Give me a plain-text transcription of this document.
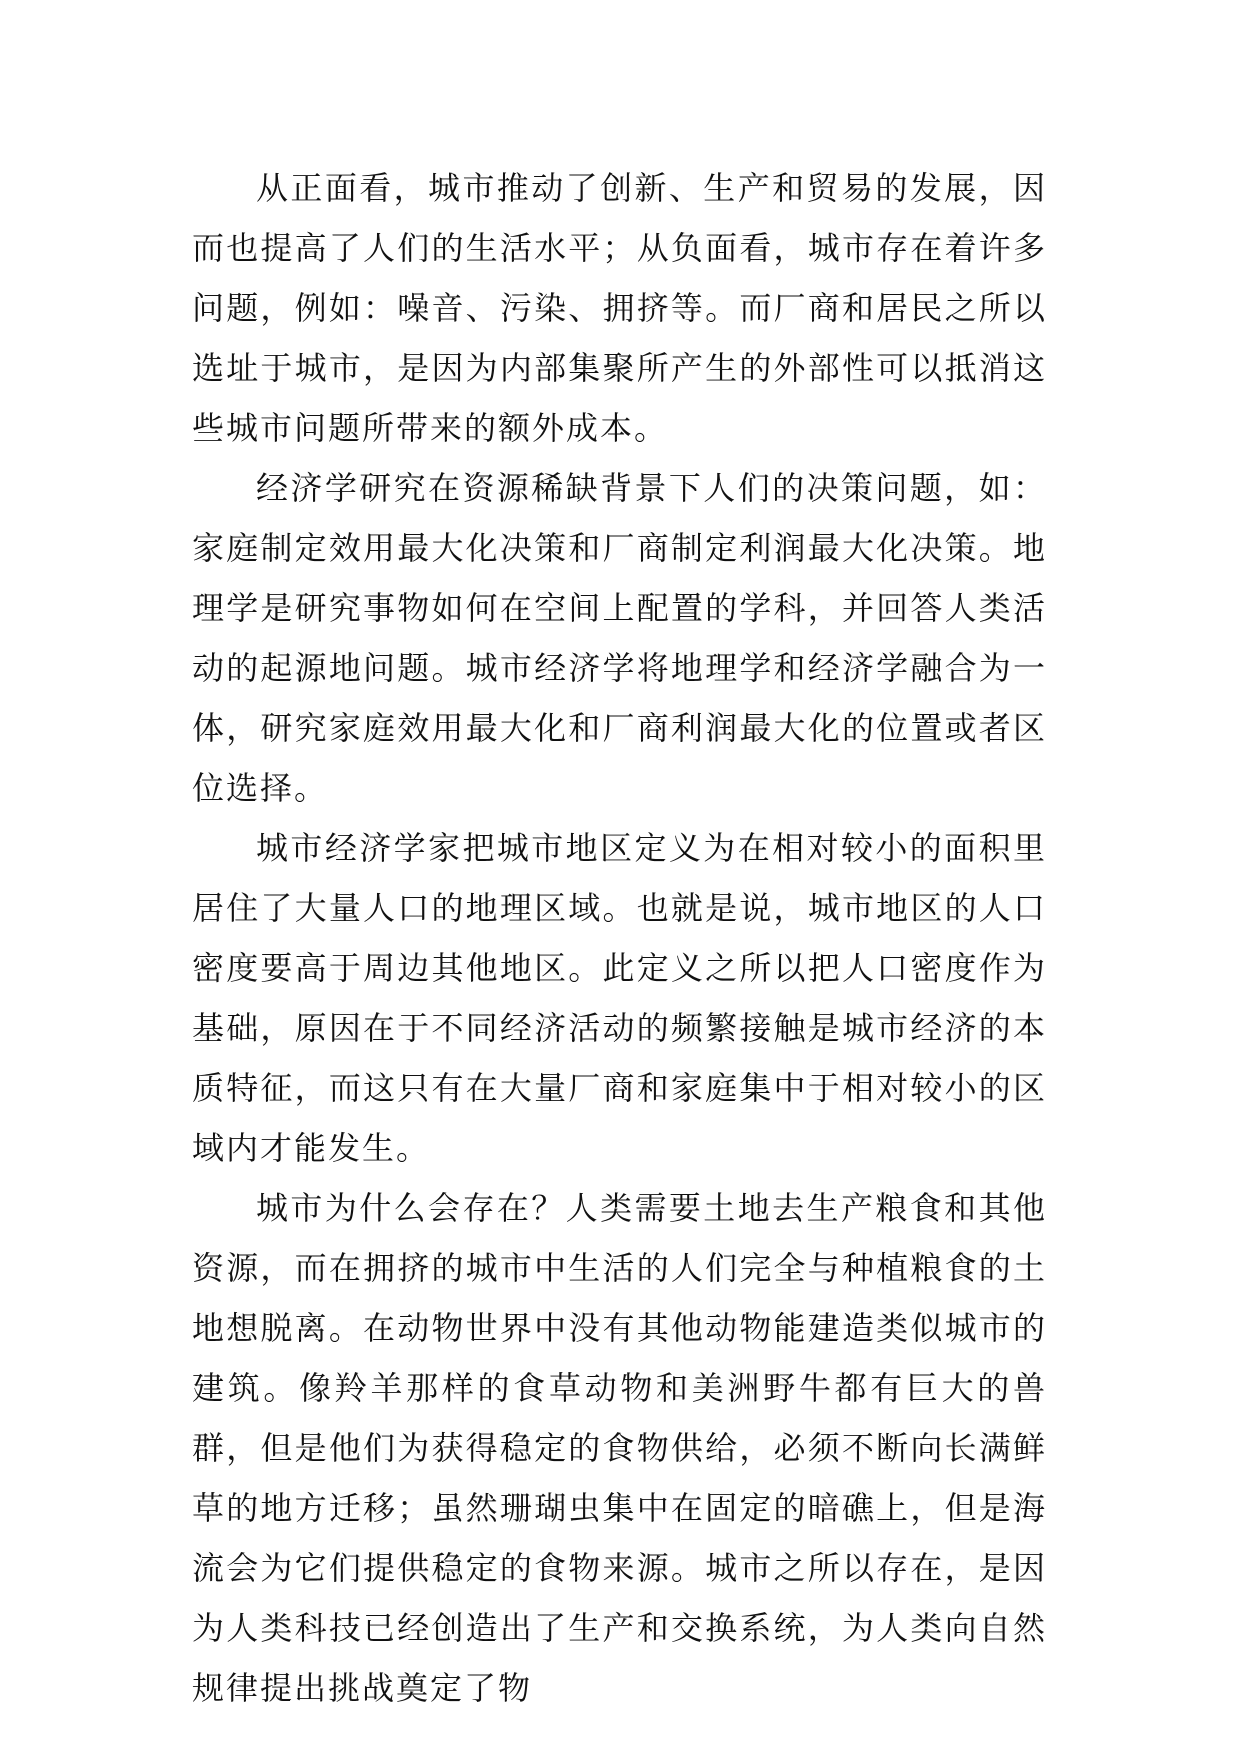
从正面看，城市推动了创新、生产和贸易的发展，因而也提高了人们的生活水平；从负面看，城市存在着许多问题，例如：噪音、污染、拥挤等。而厂商和居民之所以选址于城市，是因为内部集聚所产生的外部性可以抵消这些城市问题所带来的额外成本。

经济学研究在资源稀缺背景下人们的决策问题，如：家庭制定效用最大化决策和厂商制定利润最大化决策。地理学是研究事物如何在空间上配置的学科，并回答人类活动的起源地问题。城市经济学将地理学和经济学融合为一体，研究家庭效用最大化和厂商利润最大化的位置或者区位选择。

城市经济学家把城市地区定义为在相对较小的面积里居住了大量人口的地理区域。也就是说，城市地区的人口密度要高于周边其他地区。此定义之所以把人口密度作为基础，原因在于不同经济活动的频繁接触是城市经济的本质特征，而这只有在大量厂商和家庭集中于相对较小的区域内才能发生。

城市为什么会存在？人类需要土地去生产粮食和其他资源，而在拥挤的城市中生活的人们完全与种植粮食的土地想脱离。在动物世界中没有其他动物能建造类似城市的建筑。像羚羊那样的食草动物和美洲野牛都有巨大的兽群，但是他们为获得稳定的食物供给，必须不断向长满鲜草的地方迁移；虽然珊瑚虫集中在固定的暗礁上，但是海流会为它们提供稳定的食物来源。城市之所以存在，是因为人类科技已经创造出了生产和交换系统，为人类向自然规律提出挑战奠定了物
